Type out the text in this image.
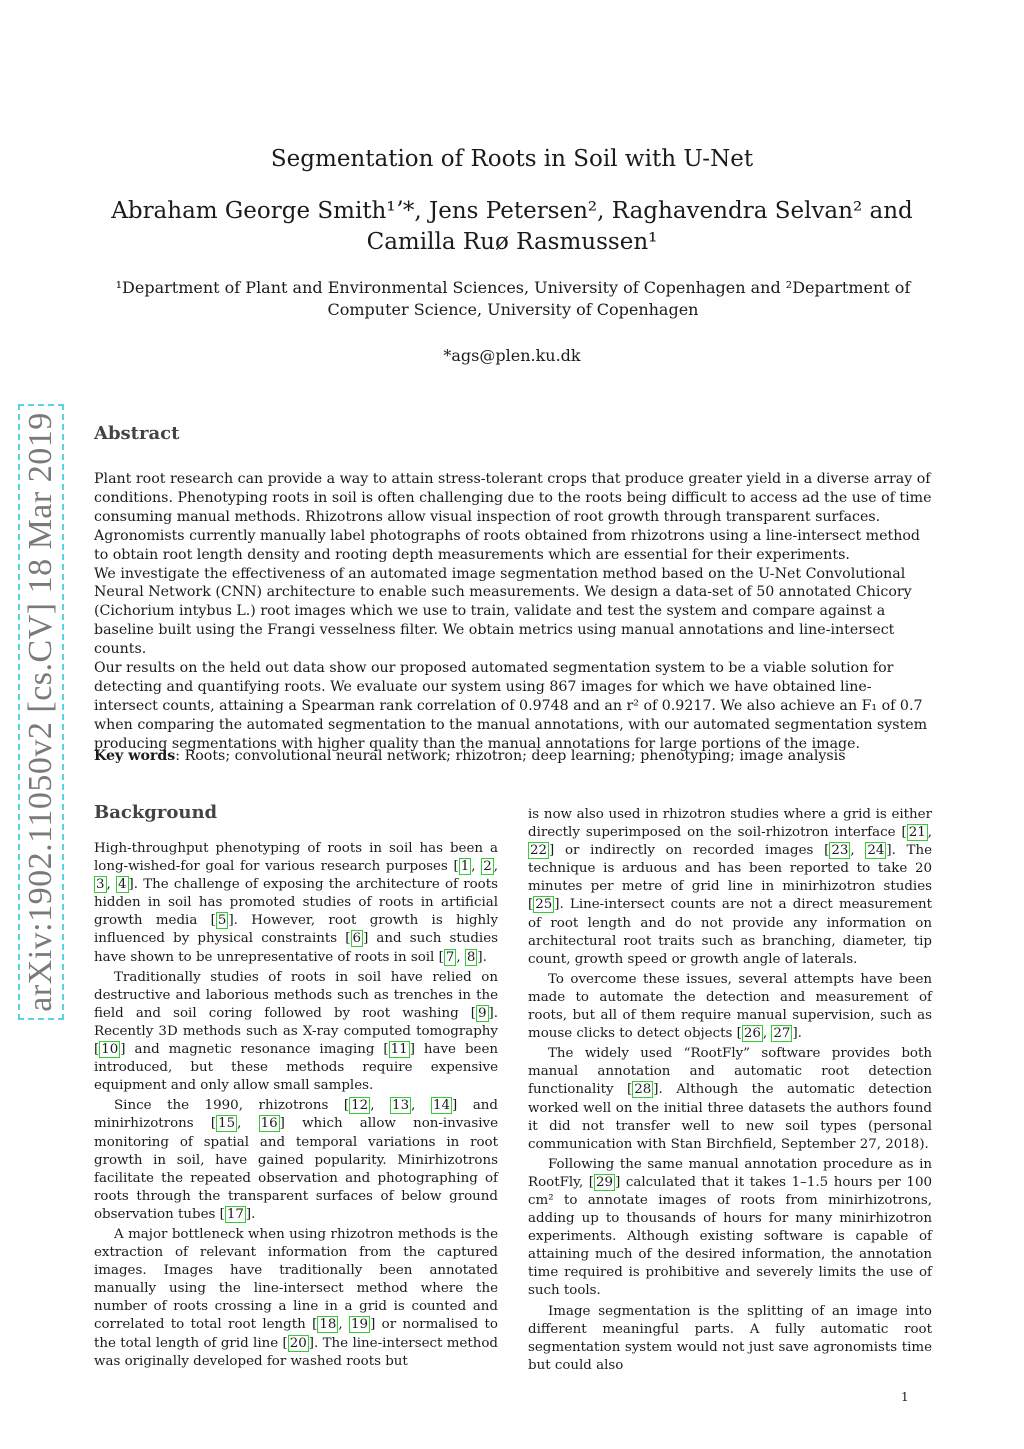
arXiv:1902.11050v2 [cs.CV] 18 Mar 2019
Segmentation of Roots in Soil with U-Net
Abraham George Smith¹ʼ*, Jens Petersen², Raghavendra Selvan² and
Camilla Ruø Rasmussen¹
¹Department of Plant and Environmental Sciences, University of Copenhagen and ²Department of Computer Science, University of Copenhagen
*ags@plen.ku.dk
Abstract

Plant root research can provide a way to attain stress-tolerant crops that produce greater yield in a diverse array of conditions. Phenotyping roots in soil is often challenging due to the roots being difficult to access ad the use of time consuming manual methods. Rhizotrons allow visual inspection of root growth through transparent surfaces. Agronomists currently manually label photographs of roots obtained from rhizotrons using a line-intersect method to obtain root length density and rooting depth measurements which are essential for their experiments.

We investigate the effectiveness of an automated image segmentation method based on the U-Net Convolutional Neural Network (CNN) architecture to enable such measurements. We design a data-set of 50 annotated Chicory (Cichorium intybus L.) root images which we use to train, validate and test the system and compare against a baseline built using the Frangi vesselness filter. We obtain metrics using manual annotations and line-intersect counts.

Our results on the held out data show our proposed automated segmentation system to be a viable solution for detecting and quantifying roots. We evaluate our system using 867 images for which we have obtained line-intersect counts, attaining a Spearman rank correlation of 0.9748 and an r² of 0.9217. We also achieve an F₁ of 0.7 when comparing the automated segmentation to the manual annotations, with our automated segmentation system producing segmentations with higher quality than the manual annotations for large portions of the image.

Key words: Roots; convolutional neural network; rhizotron; deep learning; phenotyping; image analysis
Background

High-throughput phenotyping of roots in soil has been a long-wished-for goal for various research purposes [ 1 , 2 , 3 , 4 ]. The challenge of exposing the architecture of roots hidden in soil has promoted studies of roots in artificial growth media [ 5 ]. However, root growth is highly influenced by physical constraints [ 6 ] and such studies have shown to be unrepresentative of roots in soil [ 7 , 8 ].

Traditionally studies of roots in soil have relied on destructive and laborious methods such as trenches in the field and soil coring followed by root washing [ 9 ]. Recently 3D methods such as X-ray computed tomography [ 10 ] and magnetic resonance imaging [ 11 ] have been introduced, but these methods require expensive equipment and only allow small samples.

Since the 1990, rhizotrons [ 12 , 13 , 14 ] and minirhizotrons [ 15 , 16 ] which allow non-invasive monitoring of spatial and temporal variations in root growth in soil, have gained popularity. Minirhizotrons facilitate the repeated observation and photographing of roots through the transparent surfaces of below ground observation tubes [ 17 ].

A major bottleneck when using rhizotron methods is the extraction of relevant information from the captured images. Images have traditionally been annotated manually using the line-intersect method where the number of roots crossing a line in a grid is counted and correlated to total root length [ 18 , 19 ] or normalised to the total length of grid line [ 20 ]. The line-intersect method was originally developed for washed roots but

is now also used in rhizotron studies where a grid is either directly superimposed on the soil-rhizotron interface [ 21 , 22 ] or indirectly on recorded images [ 23 , 24 ]. The technique is arduous and has been reported to take 20 minutes per metre of grid line in minirhizotron studies [ 25 ]. Line-intersect counts are not a direct measurement of root length and do not provide any information on architectural root traits such as branching, diameter, tip count, growth speed or growth angle of laterals.

To overcome these issues, several attempts have been made to automate the detection and measurement of roots, but all of them require manual supervision, such as mouse clicks to detect objects [ 26 , 27 ].

The widely used “RootFly” software provides both manual annotation and automatic root detection functionality [ 28 ]. Although the automatic detection worked well on the initial three datasets the authors found it did not transfer well to new soil types (personal communication with Stan Birchfield, September 27, 2018).

Following the same manual annotation procedure as in RootFly, [ 29 ] calculated that it takes 1–1.5 hours per 100 cm² to annotate images of roots from minirhizotrons, adding up to thousands of hours for many minirhizotron experiments. Although existing software is capable of attaining much of the desired information, the annotation time required is prohibitive and severely limits the use of such tools.

Image segmentation is the splitting of an image into different meaningful parts. A fully automatic root segmentation system would not just save agronomists time but could also

1
